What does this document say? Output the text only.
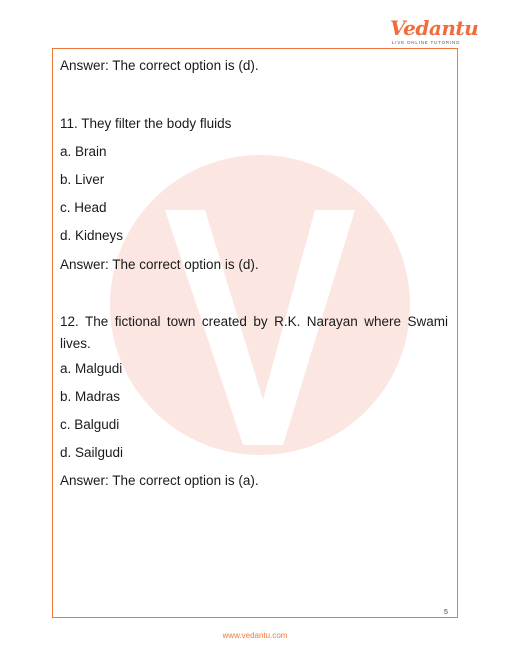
Vedantu
LIVE ONLINE TUTORING
Answer: The correct option is (d).
11. They filter the body fluids
a. Brain
b. Liver
c. Head
d. Kidneys
Answer: The correct option is (d).
12. The fictional town created by R.K. Narayan where Swami lives.
a. Malgudi
b. Madras
c. Balgudi
d. Sailgudi
Answer: The correct option is (a).
5
www.vedantu.com
